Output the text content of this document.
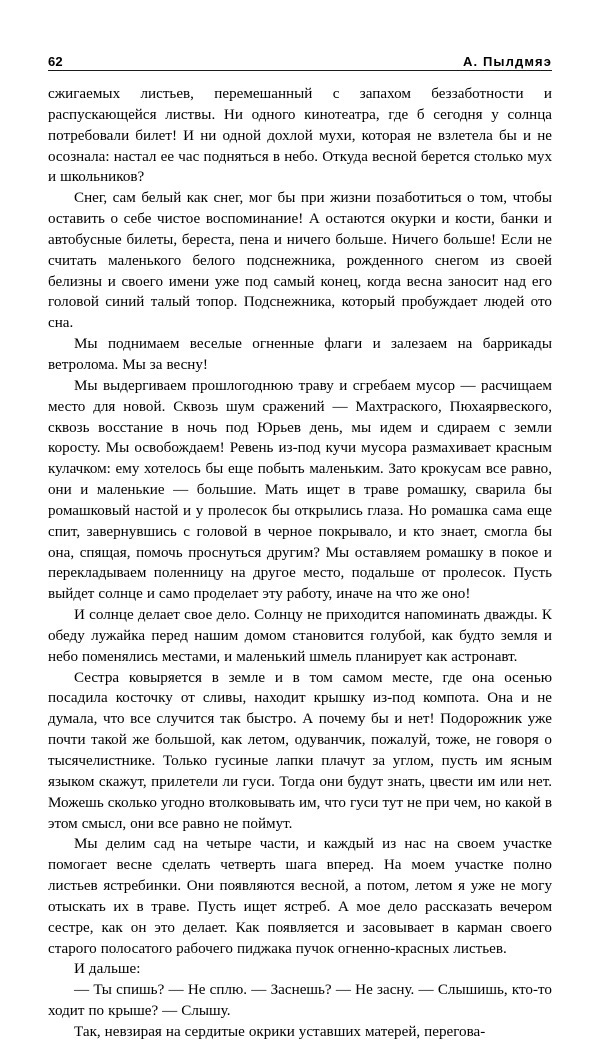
62	А. Пылдмяэ

сжигаемых листьев, перемешанный с запахом беззаботности и распускающейся листвы. Ни одного кинотеатра, где б сегодня у солнца потребовали билет! И ни одной дохлой мухи, которая не взлетела бы и не осознала: настал ее час подняться в небо. Откуда весной берется столько мух и школьников?

Снег, сам белый как снег, мог бы при жизни позаботиться о том, чтобы оставить о себе чистое воспоминание! А остаются окурки и кости, банки и автобусные билеты, береста, пена и ничего больше. Ничего больше! Если не считать маленького белого подснежника, рожденного снегом из своей белизны и своего имени уже под самый конец, когда весна заносит над его головой синий талый топор. Подснежника, который пробуждает людей ото сна.

Мы поднимаем веселые огненные флаги и залезаем на баррикады ветролома. Мы за весну!

Мы выдергиваем прошлогоднюю траву и сгребаем мусор — расчищаем место для новой. Сквозь шум сражений — Махтраского, Пюхаярвеского, сквозь восстание в ночь под Юрьев день, мы идем и сдираем с земли коросту. Мы освобождаем! Ревень из-под кучи мусора размахивает красным кулачком: ему хотелось бы еще побыть маленьким. Зато крокусам все равно, они и маленькие — большие. Мать ищет в траве ромашку, сварила бы ромашковый настой и у пролесок бы открылись глаза. Но ромашка сама еще спит, завернувшись с головой в черное покрывало, и кто знает, смогла бы она, спящая, помочь проснуться другим? Мы оставляем ромашку в покое и перекладываем поленницу на другое место, подальше от пролесок. Пусть выйдет солнце и само проделает эту работу, иначе на что же оно!

И солнце делает свое дело. Солнцу не приходится напоминать дважды. К обеду лужайка перед нашим домом становится голубой, как будто земля и небо поменялись местами, и маленький шмель планирует как астронавт.

Сестра ковыряется в земле и в том самом месте, где она осенью посадила косточку от сливы, находит крышку из-под компота. Она и не думала, что все случится так быстро. А почему бы и нет! Подорожник уже почти такой же большой, как летом, одуванчик, пожалуй, тоже, не говоря о тысячелистнике. Только гусиные лапки плачут за углом, пусть им ясным языком скажут, прилетели ли гуси. Тогда они будут знать, цвести им или нет. Можешь сколько угодно втолковывать им, что гуси тут не при чем, но какой в этом смысл, они все равно не поймут.

Мы делим сад на четыре части, и каждый из нас на своем участке помогает весне сделать четверть шага вперед. На моем участке полно листьев ястребинки. Они появляются весной, а потом, летом я уже не могу отыскать их в траве. Пусть ищет ястреб. А мое дело рассказать вечером сестре, как он это делает. Как появляется и засовывает в карман своего старого полосатого рабочего пиджака пучок огненно-красных листьев.

И дальше:

— Ты спишь? — Не сплю. — Заснешь? — Не засну. — Слышишь, кто-то ходит по крыше? — Слышу.

Так, невзирая на сердитые окрики уставших матерей, перегова-
